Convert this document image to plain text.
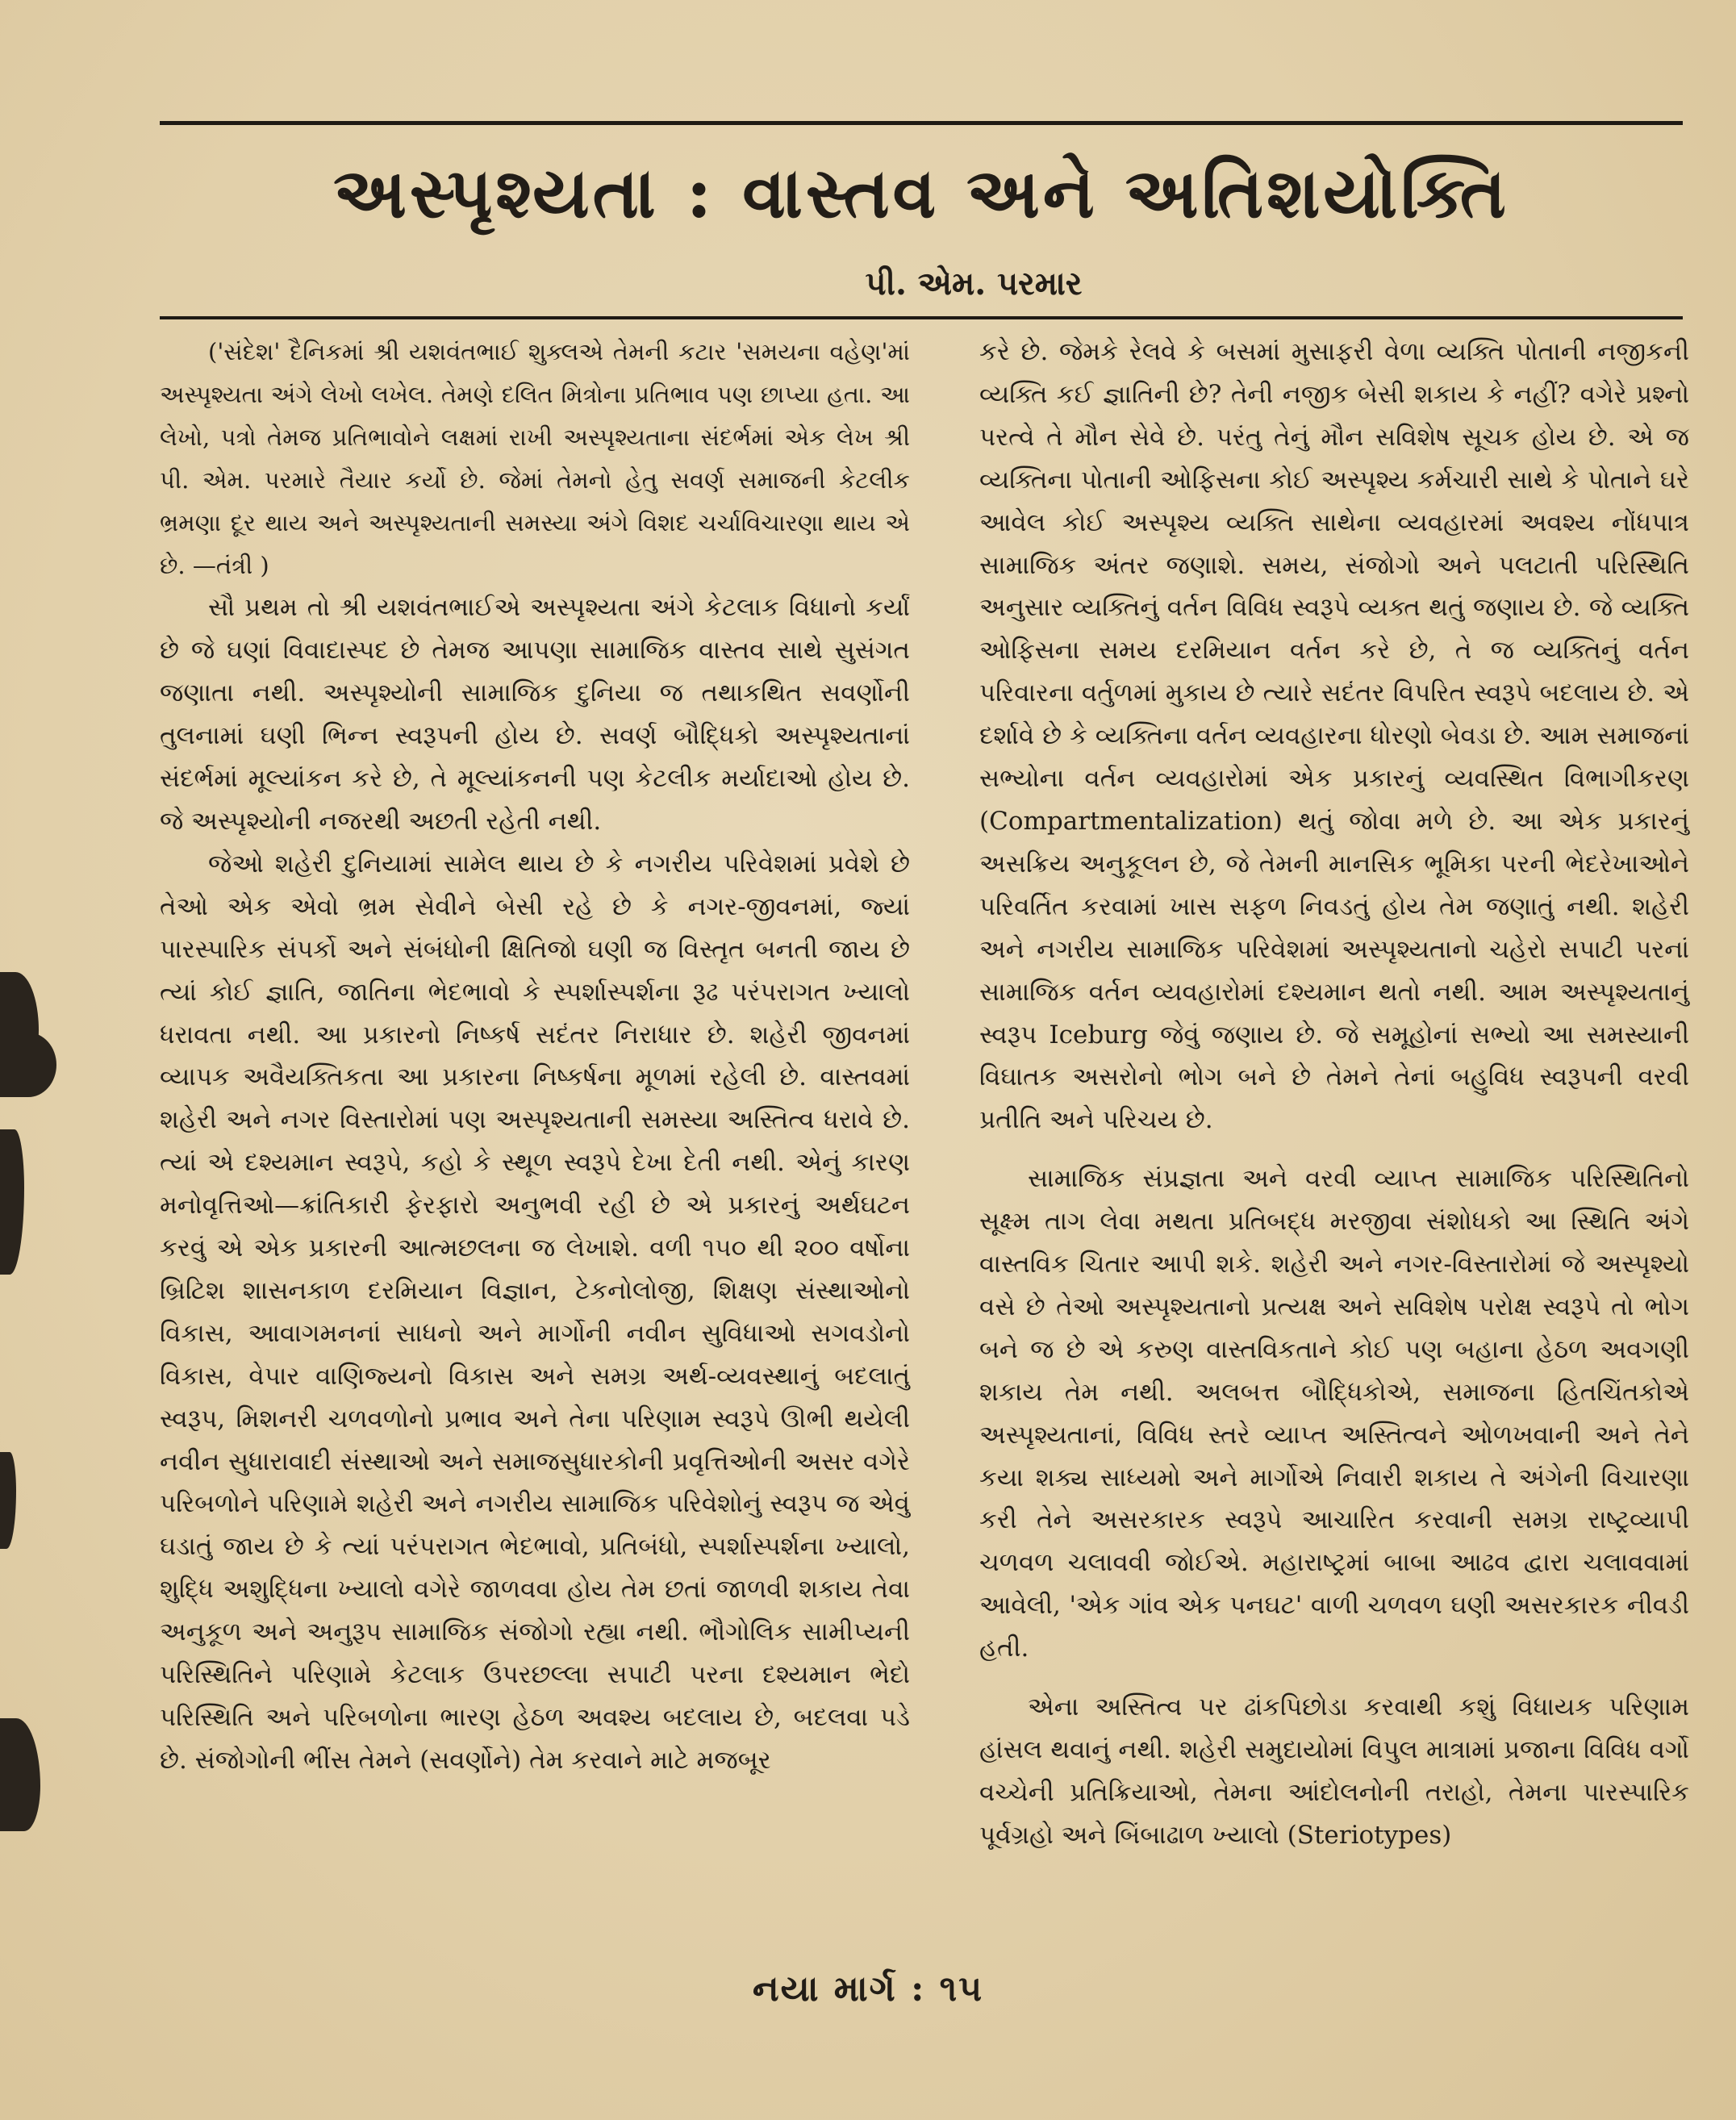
અસ્પૃશ્યતા : વાસ્તવ અને અતિશયોક્તિ
પી. એમ. પરમાર

('સંદેશ' દૈનિકમાં શ્રી યશવંતભાઈ શુક્લએ તેમની કટાર 'સમયના વહેણ'માં અસ્પૃશ્યતા અંગે લેખો લખેલ. તેમણે દલિત મિત્રોના પ્રતિભાવ પણ છાપ્યા હતા. આ લેખો, પત્રો તેમજ પ્રતિભાવોને લક્ષમાં રાખી અસ્પૃશ્યતાના સંદર્ભમાં એક લેખ શ્રી પી. એમ. પરમારે તૈયાર કર્યો છે. જેમાં તેમનો હેતુ સવર્ણ સમાજની કેટલીક ભ્રમણા દૂર થાય અને અસ્પૃશ્યતાની સમસ્યા અંગે વિશદ ચર્ચાવિચારણા થાય એ છે. —તંત્રી )

સૌ પ્રથમ તો શ્રી યશવંતભાઈએ અસ્પૃશ્યતા અંગે કેટલાક વિધાનો કર્યાં છે જે ઘણાં વિવાદાસ્પદ છે તેમજ આપણા સામાજિક વાસ્તવ સાથે સુસંગત જણાતા નથી. અસ્પૃશ્યોની સામાજિક દુનિયા જ તથાકથિત સવર્ણોની તુલનામાં ઘણી ભિન્ન સ્વરૂપની હોય છે. સવર્ણ બૌદ્ધિકો અસ્પૃશ્યતાનાં સંદર્ભમાં મૂલ્યાંકન કરે છે, તે મૂલ્યાંકનની પણ કેટલીક મર્યાદાઓ હોય છે. જે અસ્પૃશ્યોની નજરથી અછતી રહેતી નથી.

જેઓ શહેરી દુનિયામાં સામેલ થાય છે કે નગરીય પરિવેશમાં પ્રવેશે છે તેઓ એક એવો ભ્રમ સેવીને બેસી રહે છે કે નગર-જીવનમાં, જ્યાં પારસ્પારિક સંપર્કો અને સંબંધોની ક્ષિતિજો ઘણી જ વિસ્તૃત બનતી જાય છે ત્યાં કોઈ જ્ઞાતિ, જાતિના ભેદભાવો કે સ્પર્શાસ્પર્શના રૂઢ પરંપરાગત ખ્યાલો ધરાવતા નથી. આ પ્રકારનો નિષ્કર્ષ સદંતર નિરાધાર છે. શહેરી જીવનમાં વ્યાપક અવૈયક્તિકતા આ પ્રકારના નિષ્કર્ષના મૂળમાં રહેલી છે. વાસ્તવમાં શહેરી અને નગર વિસ્તારોમાં પણ અસ્પૃશ્યતાની સમસ્યા અસ્તિત્વ ધરાવે છે. ત્યાં એ દશ્યમાન સ્વરૂપે, કહો કે સ્થૂળ સ્વરૂપે દેખા દેતી નથી. એનું કારણ મનોવૃત્તિઓ—ક્રાંતિકારી ફેરફારો અનુભવી રહી છે એ પ્રકારનું અર્થઘટન કરવું એ એક પ્રકારની આત્મછલના જ લેખાશે. વળી ૧૫૦ થી ૨૦૦ વર્ષોના બ્રિટિશ શાસનકાળ દરમિયાન વિજ્ઞાન, ટેકનોલોજી, શિક્ષણ સંસ્થાઓનો વિકાસ, આવાગમનનાં સાધનો અને માર્ગોની નવીન સુવિધાઓ સગવડોનો વિકાસ, વેપાર વાણિજ્યનો વિકાસ અને સમગ્ર અર્થ-વ્યવસ્થાનું બદલાતું સ્વરૂપ, મિશનરી ચળવળોનો પ્રભાવ અને તેના પરિણામ સ્વરૂપે ઊભી થયેલી નવીન સુધારાવાદી સંસ્થાઓ અને સમાજસુધારકોની પ્રવૃત્તિઓની અસર વગેરે પરિબળોને પરિણામે શહેરી અને નગરીય સામાજિક પરિવેશોનું સ્વરૂપ જ એવું ઘડાતું જાય છે કે ત્યાં પરંપરાગત ભેદભાવો, પ્રતિબંધો, સ્પર્શાસ્પર્શના ખ્યાલો, શુદ્ધિ અશુદ્ધિના ખ્યાલો વગેરે જાળવવા હોય તેમ છતાં જાળવી શકાય તેવા અનુકૂળ અને અનુરૂપ સામાજિક સંજોગો રહ્યા નથી. ભૌગોલિક સામીપ્યની પરિસ્થિતિને પરિણામે કેટલાક ઉપરછલ્લા સપાટી પરના દશ્યમાન ભેદો પરિસ્થિતિ અને પરિબળોના ભારણ હેઠળ અવશ્ય બદલાય છે, બદલવા પડે છે. સંજોગોની ભીંસ તેમને (સવર્ણોને) તેમ કરવાને માટે મજબૂર

કરે છે. જેમકે રેલવે કે બસમાં મુસાફરી વેળા વ્યક્તિ પોતાની નજીકની વ્યક્તિ કઈ જ્ઞાતિની છે? તેની નજીક બેસી શકાય કે નહીં? વગેરે પ્રશ્નો પરત્વે તે મૌન સેવે છે. પરંતુ તેનું મૌન સવિશેષ સૂચક હોય છે. એ જ વ્યક્તિના પોતાની ઓફિસના કોઈ અસ્પૃશ્ય કર્મચારી સાથે કે પોતાને ઘરે આવેલ કોઈ અસ્પૃશ્ય વ્યક્તિ સાથેના વ્યવહારમાં અવશ્ય નોંધપાત્ર સામાજિક અંતર જણાશે. સમય, સંજોગો અને પલટાતી પરિસ્થિતિ અનુસાર વ્યક્તિનું વર્તન વિવિધ સ્વરૂપે વ્યક્ત થતું જણાય છે. જે વ્યક્તિ ઓફિસના સમય દરમિયાન વર્તન કરે છે, તે જ વ્યક્તિનું વર્તન પરિવારના વર્તુળમાં મુકાય છે ત્યારે સદંતર વિપરિત સ્વરૂપે બદલાય છે. એ દર્શાવે છે કે વ્યક્તિના વર્તન વ્યવહારના ધોરણો બેવડા છે. આમ સમાજનાં સભ્યોના વર્તન વ્યવહારોમાં એક પ્રકારનું વ્યવસ્થિત વિભાગીકરણ (Compartmentalization) થતું જોવા મળે છે. આ એક પ્રકારનું અસક્રિય અનુકૂલન છે, જે તેમની માનસિક ભૂમિકા પરની ભેદરેખાઓને પરિવર્તિત કરવામાં ખાસ સફળ નિવડતું હોય તેમ જણાતું નથી. શહેરી અને નગરીય સામાજિક પરિવેશમાં અસ્પૃશ્યતાનો ચહેરો સપાટી પરનાં સામાજિક વર્તન વ્યવહારોમાં દશ્યમાન થતો નથી. આમ અસ્પૃશ્યતાનું સ્વરૂપ Iceburg જેવું જણાય છે. જે સમૂહોનાં સભ્યો આ સમસ્યાની વિઘાતક અસરોનો ભોગ બને છે તેમને તેનાં બહુવિધ સ્વરૂપની વરવી પ્રતીતિ અને પરિચય છે.

સામાજિક સંપ્રજ્ઞતા અને વરવી વ્યાપ્ત સામાજિક પરિસ્થિતિનો સૂક્ષ્મ તાગ લેવા મથતા પ્રતિબદ્ધ મરજીવા સંશોધકો આ સ્થિતિ અંગે વાસ્તવિક ચિતાર આપી શકે. શહેરી અને નગર-વિસ્તારોમાં જે અસ્પૃશ્યો વસે છે તેઓ અસ્પૃશ્યતાનો પ્રત્યક્ષ અને સવિશેષ પરોક્ષ સ્વરૂપે તો ભોગ બને જ છે એ કરુણ વાસ્તવિકતાને કોઈ પણ બહાના હેઠળ અવગણી શકાય તેમ નથી. અલબત્ત બૌદ્ધિકોએ, સમાજના હિતચિંતકોએ અસ્પૃશ્યતાનાં, વિવિધ સ્તરે વ્યાપ્ત અસ્તિત્વને ઓળખવાની અને તેને કયા શક્ય સાધ્યમો અને માર્ગોએ નિવારી શકાય તે અંગેની વિચારણા કરી તેને અસરકારક સ્વરૂપે આચારિત કરવાની સમગ્ર રાષ્ટ્રવ્યાપી ચળવળ ચલાવવી જોઈએ. મહારાષ્ટ્રમાં બાબા આઢવ દ્વારા ચલાવવામાં આવેલી, 'એક ગાંવ એક પનઘટ' વાળી ચળવળ ઘણી અસરકારક નીવડી હતી.

એના અસ્તિત્વ પર ઢાંકપિછોડા કરવાથી કશું વિધાયક પરિણામ હાંસલ થવાનું નથી. શહેરી સમુદાયોમાં વિપુલ માત્રામાં પ્રજાના વિવિધ વર્ગો વચ્ચેની પ્રતિક્રિયાઓ, તેમના આંદોલનોની તરાહો, તેમના પારસ્પારિક પૂર્વગ્રહો અને બિંબાઢાળ ખ્યાલો (Steriotypes)

નયા માર્ગ : ૧૫
